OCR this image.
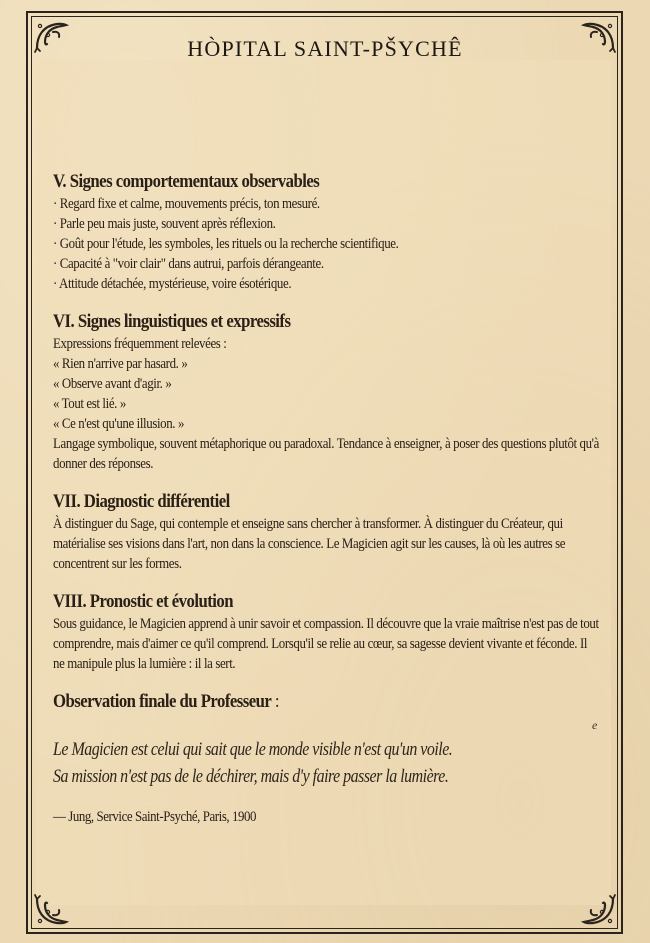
HÒPITAL SAINT-PŠYCHÊ
V. Signes comportementaux observables
· Regard fixe et calme, mouvements précis, ton mesuré.
· Parle peu mais juste, souvent après réflexion.
· Goût pour l'étude, les symboles, les rituels ou la recherche scientifique.
· Capacité à "voir clair" dans autrui, parfois dérangeante.
· Attitude détachée, mystérieuse, voire ésotérique.
VI. Signes linguistiques et expressifs
Expressions fréquemment relevées :
« Rien n'arrive par hasard. »
« Observe avant d'agir. »
« Tout est lié. »
« Ce n'est qu'une illusion. »
Langage symbolique, souvent métaphorique ou paradoxal. Tendance à enseigner, à poser des questions plutôt qu'à donner des réponses.
VII. Diagnostic différentiel
À distinguer du Sage, qui contemple et enseigne sans chercher à transformer. À distinguer du Créateur, qui matérialise ses visions dans l'art, non dans la conscience. Le Magicien agit sur les causes, là où les autres se concentrent sur les formes.
VIII. Pronostic et évolution
Sous guidance, le Magicien apprend à unir savoir et compassion. Il découvre que la vraie maîtrise n'est pas de tout comprendre, mais d'aimer ce qu'il comprend. Lorsqu'il se relie au cœur, sa sagesse devient vivante et féconde. Il ne manipule plus la lumière : il la sert.
Observation finale du Professeur :
Le Magicien est celui qui sait que le monde visible n'est qu'un voile.
Sa mission n'est pas de le déchirer, mais d'y faire passer la lumière.
— Jung, Service Saint-Psyché, Paris, 1900
e
